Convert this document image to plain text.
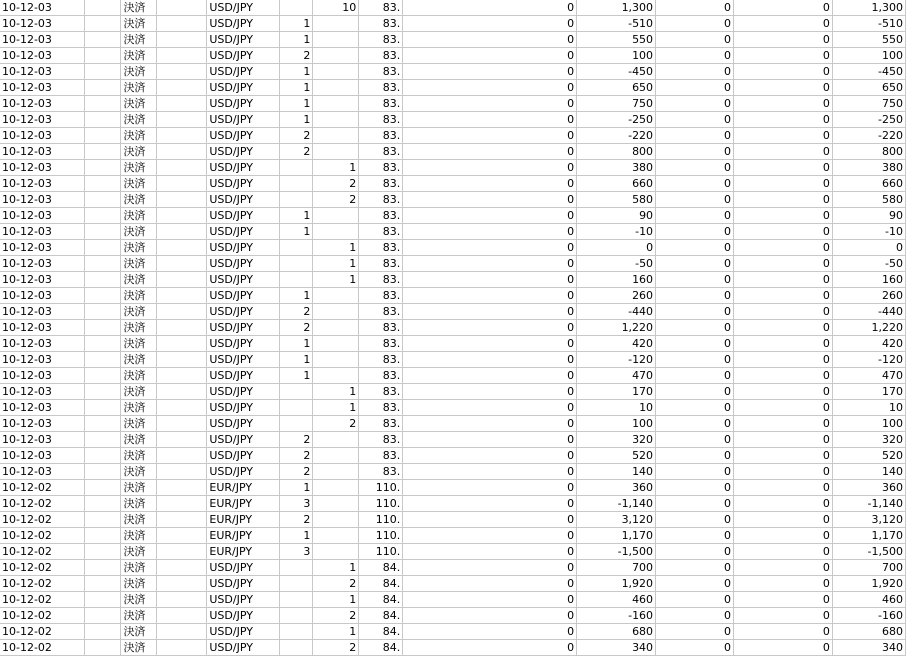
10-12-03		決済		USD/JPY		10	83.		0	1,300	0	0	1,300
10-12-03		決済		USD/JPY	1		83.		0	-510	0	0	-510
10-12-03		決済		USD/JPY	1		83.		0	550	0	0	550
10-12-03		決済		USD/JPY	2		83.		0	100	0	0	100
10-12-03		決済		USD/JPY	1		83.		0	-450	0	0	-450
10-12-03		決済		USD/JPY	1		83.		0	650	0	0	650
10-12-03		決済		USD/JPY	1		83.		0	750	0	0	750
10-12-03		決済		USD/JPY	1		83.		0	-250	0	0	-250
10-12-03		決済		USD/JPY	2		83.		0	-220	0	0	-220
10-12-03		決済		USD/JPY	2		83.		0	800	0	0	800
10-12-03		決済		USD/JPY		1	83.		0	380	0	0	380
10-12-03		決済		USD/JPY		2	83.		0	660	0	0	660
10-12-03		決済		USD/JPY		2	83.		0	580	0	0	580
10-12-03		決済		USD/JPY	1		83.		0	90	0	0	90
10-12-03		決済		USD/JPY	1		83.		0	-10	0	0	-10
10-12-03		決済		USD/JPY		1	83.		0	0	0	0	0
10-12-03		決済		USD/JPY		1	83.		0	-50	0	0	-50
10-12-03		決済		USD/JPY		1	83.		0	160	0	0	160
10-12-03		決済		USD/JPY	1		83.		0	260	0	0	260
10-12-03		決済		USD/JPY	2		83.		0	-440	0	0	-440
10-12-03		決済		USD/JPY	2		83.		0	1,220	0	0	1,220
10-12-03		決済		USD/JPY	1		83.		0	420	0	0	420
10-12-03		決済		USD/JPY	1		83.		0	-120	0	0	-120
10-12-03		決済		USD/JPY	1		83.		0	470	0	0	470
10-12-03		決済		USD/JPY		1	83.		0	170	0	0	170
10-12-03		決済		USD/JPY		1	83.		0	10	0	0	10
10-12-03		決済		USD/JPY		2	83.		0	100	0	0	100
10-12-03		決済		USD/JPY	2		83.		0	320	0	0	320
10-12-03		決済		USD/JPY	2		83.		0	520	0	0	520
10-12-03		決済		USD/JPY	2		83.		0	140	0	0	140
10-12-02		決済		EUR/JPY	1		110.		0	360	0	0	360
10-12-02		決済		EUR/JPY	3		110.		0	-1,140	0	0	-1,140
10-12-02		決済		EUR/JPY	2		110.		0	3,120	0	0	3,120
10-12-02		決済		EUR/JPY	1		110.		0	1,170	0	0	1,170
10-12-02		決済		EUR/JPY	3		110.		0	-1,500	0	0	-1,500
10-12-02		決済		USD/JPY		1	84.		0	700	0	0	700
10-12-02		決済		USD/JPY		2	84.		0	1,920	0	0	1,920
10-12-02		決済		USD/JPY		1	84.		0	460	0	0	460
10-12-02		決済		USD/JPY		2	84.		0	-160	0	0	-160
10-12-02		決済		USD/JPY		1	84.		0	680	0	0	680
10-12-02		決済		USD/JPY		2	84.		0	340	0	0	340
